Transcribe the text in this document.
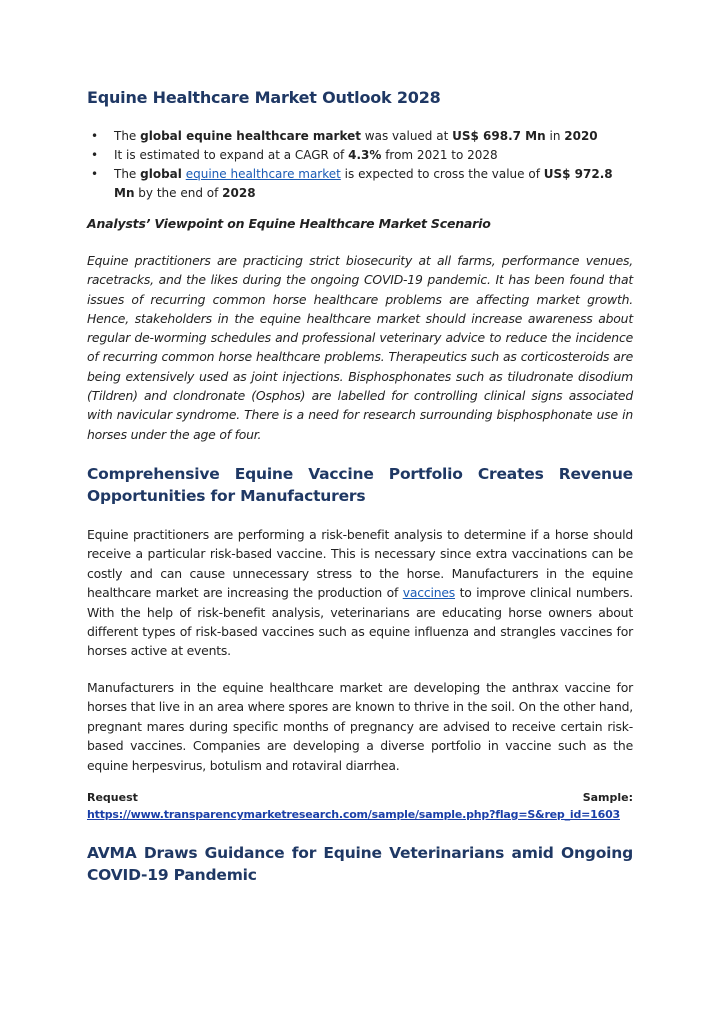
Equine Healthcare Market Outlook 2028
• The global equine healthcare market was valued at US$ 698.7 Mn in 2020
• It is estimated to expand at a CAGR of 4.3% from 2021 to 2028
• The global equine healthcare market is expected to cross the value of US$ 972.8 Mn by the end of 2028

Analysts’ Viewpoint on Equine Healthcare Market Scenario

Equine practitioners are practicing strict biosecurity at all farms, performance venues, racetracks, and the likes during the ongoing COVID-19 pandemic. It has been found that issues of recurring common horse healthcare problems are affecting market growth. Hence, stakeholders in the equine healthcare market should increase awareness about regular de-worming schedules and professional veterinary advice to reduce the incidence of recurring common horse healthcare problems. Therapeutics such as corticosteroids are being extensively used as joint injections. Bisphosphonates such as tiludronate disodium (Tildren) and clondronate (Osphos) are labelled for controlling clinical signs associated with navicular syndrome. There is a need for research surrounding bisphosphonate use in horses under the age of four.

Comprehensive Equine Vaccine Portfolio Creates Revenue
Opportunities for Manufacturers

Equine practitioners are performing a risk-benefit analysis to determine if a horse should receive a particular risk-based vaccine. This is necessary since extra vaccinations can be costly and can cause unnecessary stress to the horse. Manufacturers in the equine healthcare market are increasing the production of vaccines to improve clinical numbers. With the help of risk-benefit analysis, veterinarians are educating horse owners about different types of risk-based vaccines such as equine influenza and strangles vaccines for horses active at events.

Manufacturers in the equine healthcare market are developing the anthrax vaccine for horses that live in an area where spores are known to thrive in the soil. On the other hand, pregnant mares during specific months of pregnancy are advised to receive certain risk-based vaccines. Companies are developing a diverse portfolio in vaccine such as the equine herpesvirus, botulism and rotaviral diarrhea.

Request	Sample:
https://www.transparencymarketresearch.com/sample/sample.php?flag=S&rep_id=1603
AVMA Draws Guidance for Equine Veterinarians amid Ongoing
COVID-19 Pandemic
